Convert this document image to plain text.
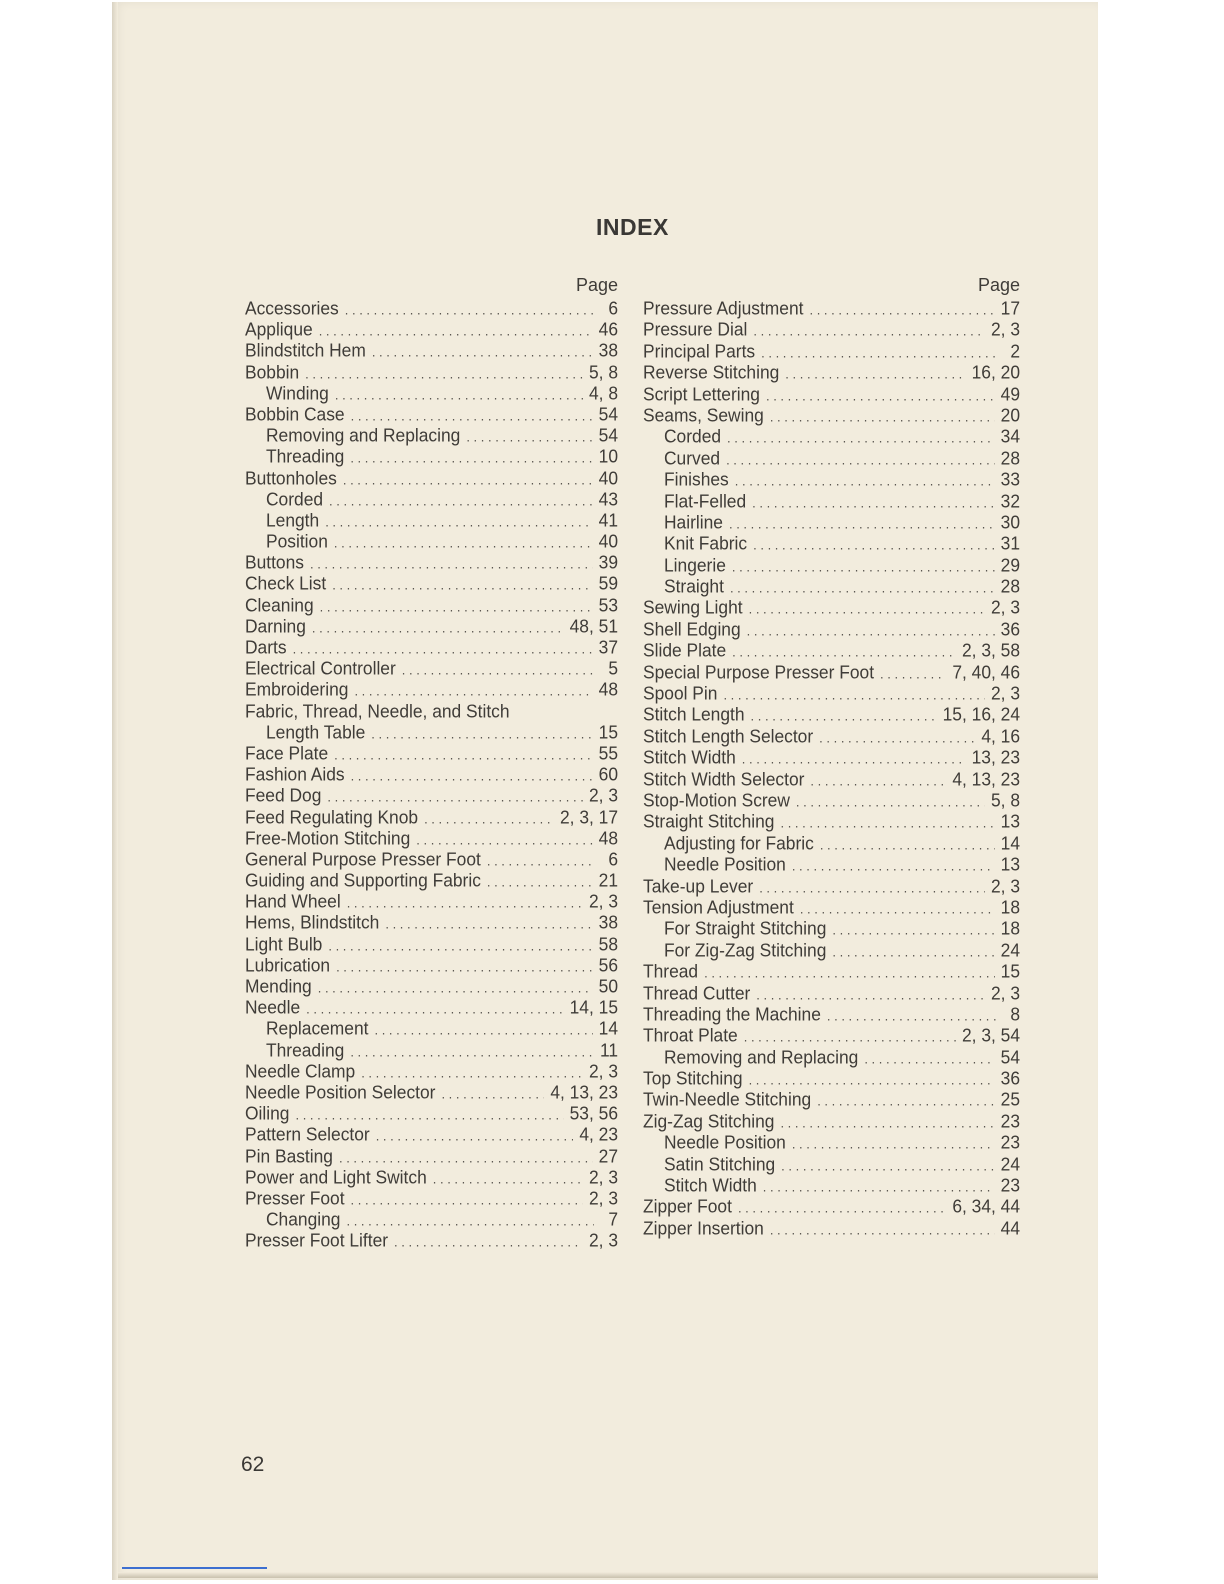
INDEX
Page
Accessories . . .	6
Applique . . .	46
Blindstitch Hem . . .	38
Bobbin . . .	5, 8
Winding . . .	4, 8
Bobbin Case . . .	54
Removing and Replacing . . .	54
Threading . . .	10
Buttonholes . . .	40
Corded . . .	43
Length . . .	41
Position . . .	40
Buttons . . .	39
Check List . . .	59
Cleaning . . .	53
Darning . . .	48, 51
Darts . . .	37
Electrical Controller . . .	5
Embroidering . . .	48
Fabric, Thread, Needle, and Stitch
Length Table . . .	15
Face Plate . . .	55
Fashion Aids . . .	60
Feed Dog . . .	2, 3
Feed Regulating Knob . . .	2, 3, 17
Free-Motion Stitching . . .	48
General Purpose Presser Foot . . .	6
Guiding and Supporting Fabric . . .	21
Hand Wheel . . .	2, 3
Hems, Blindstitch . . .	38
Light Bulb . . .	58
Lubrication . . .	56
Mending . . .	50
Needle . . .	14, 15
Replacement . . .	14
Threading . . .	11
Needle Clamp . . .	2, 3
Needle Position Selector . . .	4, 13, 23
Oiling . . .	53, 56
Pattern Selector . . .	4, 23
Pin Basting . . .	27
Power and Light Switch . . .	2, 3
Presser Foot . . .	2, 3
Changing . . .	7
Presser Foot Lifter . . .	2, 3
Page
Pressure Adjustment . . .	17
Pressure Dial . . .	2, 3
Principal Parts . . .	2
Reverse Stitching . . .	16, 20
Script Lettering . . .	49
Seams, Sewing . . .	20
Corded . . .	34
Curved . . .	28
Finishes . . .	33
Flat-Felled . . .	32
Hairline . . .	30
Knit Fabric . . .	31
Lingerie . . .	29
Straight . . .	28
Sewing Light . . .	2, 3
Shell Edging . . .	36
Slide Plate . . .	2, 3, 58
Special Purpose Presser Foot . . .	7, 40, 46
Spool Pin . . .	2, 3
Stitch Length . . .	15, 16, 24
Stitch Length Selector . . .	4, 16
Stitch Width . . .	13, 23
Stitch Width Selector . . .	4, 13, 23
Stop-Motion Screw . . .	5, 8
Straight Stitching . . .	13
Adjusting for Fabric . . .	14
Needle Position . . .	13
Take-up Lever . . .	2, 3
Tension Adjustment . . .	18
For Straight Stitching . . .	18
For Zig-Zag Stitching . . .	24
Thread . . .	15
Thread Cutter . . .	2, 3
Threading the Machine . . .	8
Throat Plate . . .	2, 3, 54
Removing and Replacing . . .	54
Top Stitching . . .	36
Twin-Needle Stitching . . .	25
Zig-Zag Stitching . . .	23
Needle Position . . .	23
Satin Stitching . . .	24
Stitch Width . . .	23
Zipper Foot . . .	6, 34, 44
Zipper Insertion . . .	44

62
